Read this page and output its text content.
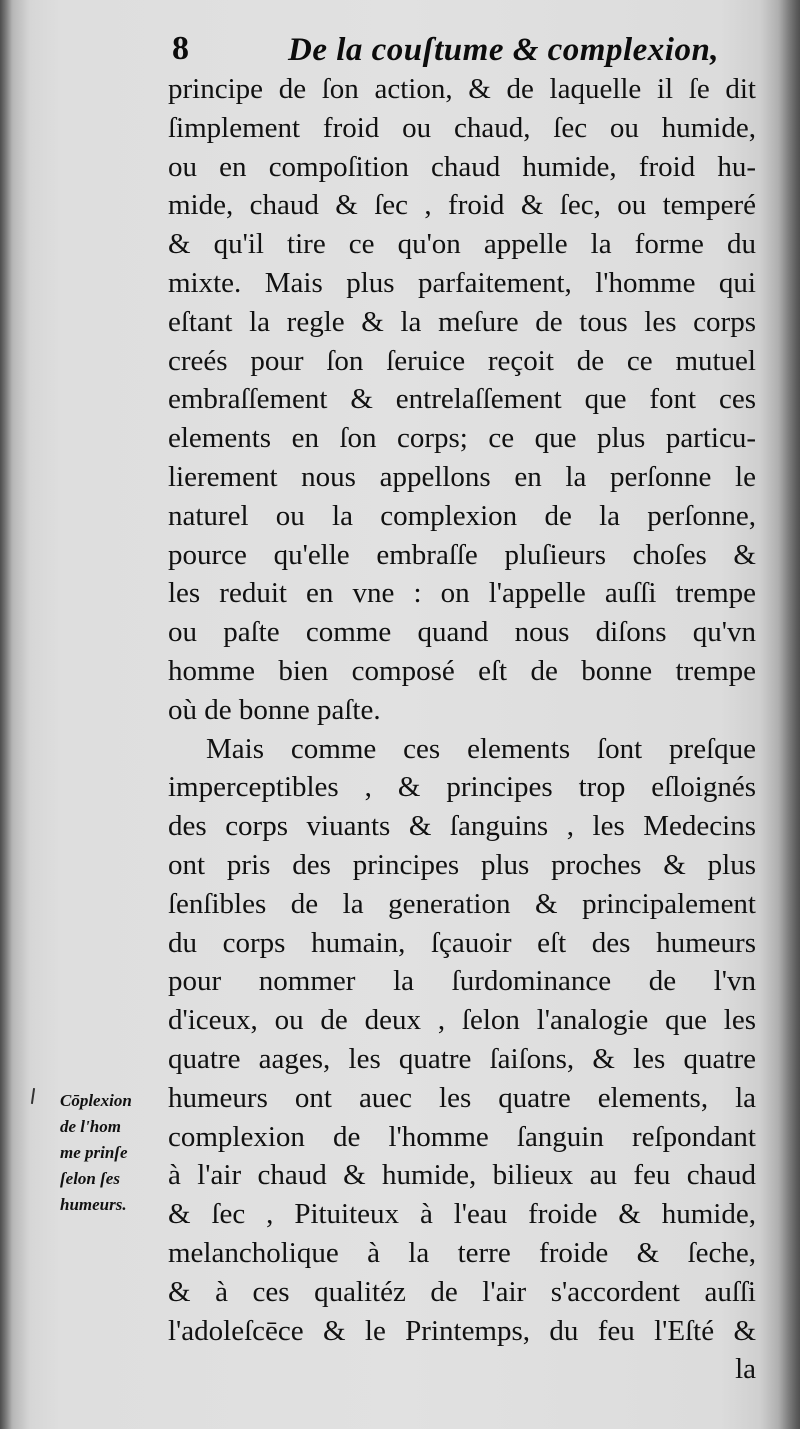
8	De la couſtume & complexion,
principe de ſon action, & de laquelle il ſe dit
ſimplement froid ou chaud, ſec ou humide,
ou en compoſition chaud humide, froid hu-
mide, chaud & ſec , froid & ſec, ou temperé
& qu'il tire ce qu'on appelle la forme du
mixte. Mais plus parfaitement, l'homme qui
eſtant la regle & la meſure de tous les corps
creés pour ſon ſeruice reçoit de ce mutuel
embraſſement & entrelaſſement que font ces
elements en ſon corps; ce que plus particu-
lierement nous appellons en la perſonne le
naturel ou la complexion de la perſonne,
pource qu'elle embraſſe pluſieurs choſes &
les reduit en vne : on l'appelle auſſi trempe
ou paſte comme quand nous diſons qu'vn
homme bien composé eſt de bonne trempe
où de bonne paſte.
Mais comme ces elements ſont preſque
imperceptibles , & principes trop eſloignés
des corps viuants & ſanguins , les Medecins
ont pris des principes plus proches & plus
ſenſibles de la generation & principalement
du corps humain, ſçauoir eſt des humeurs
pour nommer la ſurdominance de l'vn
d'iceux, ou de deux , ſelon l'analogie que les
quatre aages, les quatre ſaiſons, & les quatre
humeurs ont auec les quatre elements, la
complexion de l'homme ſanguin reſpondant
à l'air chaud & humide, bilieux au feu chaud
& ſec , Pituiteux à l'eau froide & humide,
melancholique à la terre froide & ſeche,
& à ces qualitéz de l'air s'accordent auſſi
l'adoleſcēce & le Printemps, du feu l'Eſté &
la
Cōplexion
de l'hom
me prinſe
ſelon ſes
humeurs.
